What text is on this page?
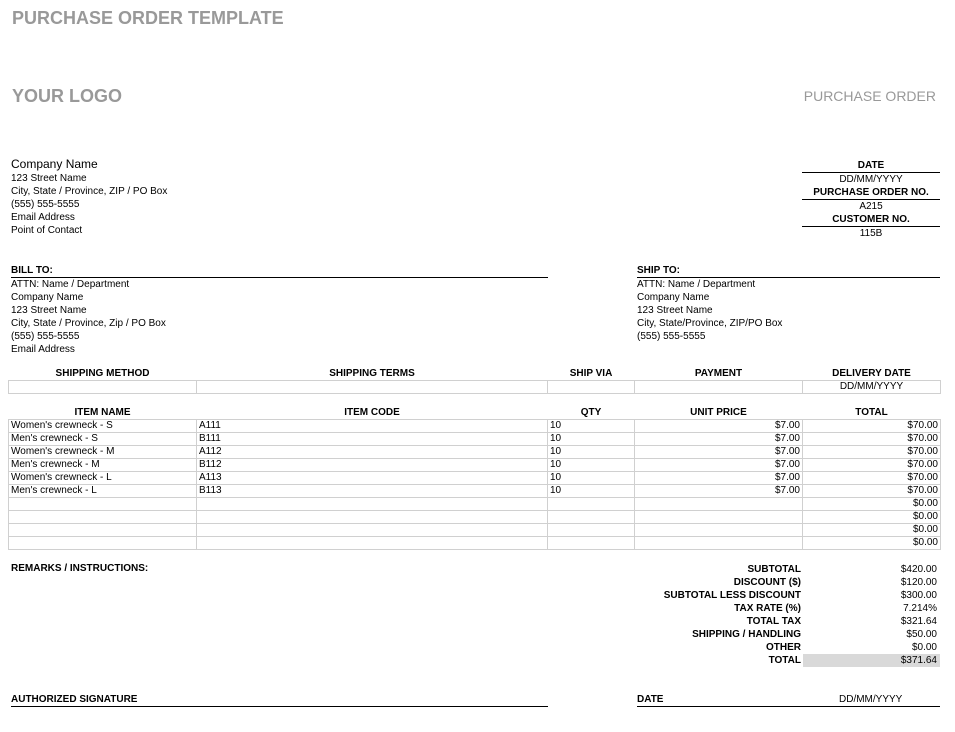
PURCHASE ORDER TEMPLATE
YOUR LOGO	PURCHASE ORDER
Company Name
123 Street Name
City, State / Province, ZIP / PO Box
(555) 555-5555
Email Address
Point of Contact
DATE
DD/MM/YYYY
PURCHASE ORDER NO.
A215
CUSTOMER NO.
115B
BILL TO:
ATTN: Name / Department
Company Name
123 Street Name
City, State / Province, Zip / PO Box
(555) 555-5555
Email Address
SHIP TO:
ATTN: Name / Department
Company Name
123 Street Name
City, State/Province, ZIP/PO Box
(555) 555-5555
SHIPPING METHOD	SHIPPING TERMS	SHIP VIA	PAYMENT	DELIVERY DATE
				DD/MM/YYYY
ITEM NAME	ITEM CODE	QTY	UNIT PRICE	TOTAL
Women's crewneck - S	A111	10	$7.00	$70.00
Men's crewneck - S	B111	10	$7.00	$70.00
Women's crewneck - M	A112	10	$7.00	$70.00
Men's crewneck - M	B112	10	$7.00	$70.00
Women's crewneck - L	A113	10	$7.00	$70.00
Men's crewneck - L	B113	10	$7.00	$70.00
				$0.00
				$0.00
				$0.00
				$0.00
REMARKS / INSTRUCTIONS:	SUBTOTAL	$420.00
DISCOUNT ($)	$120.00
SUBTOTAL LESS DISCOUNT	$300.00
TAX RATE (%)	7.214%
TOTAL TAX	$321.64
SHIPPING / HANDLING	$50.00
OTHER	$0.00
TOTAL	$371.64
AUTHORIZED SIGNATURE	DATE	DD/MM/YYYY
